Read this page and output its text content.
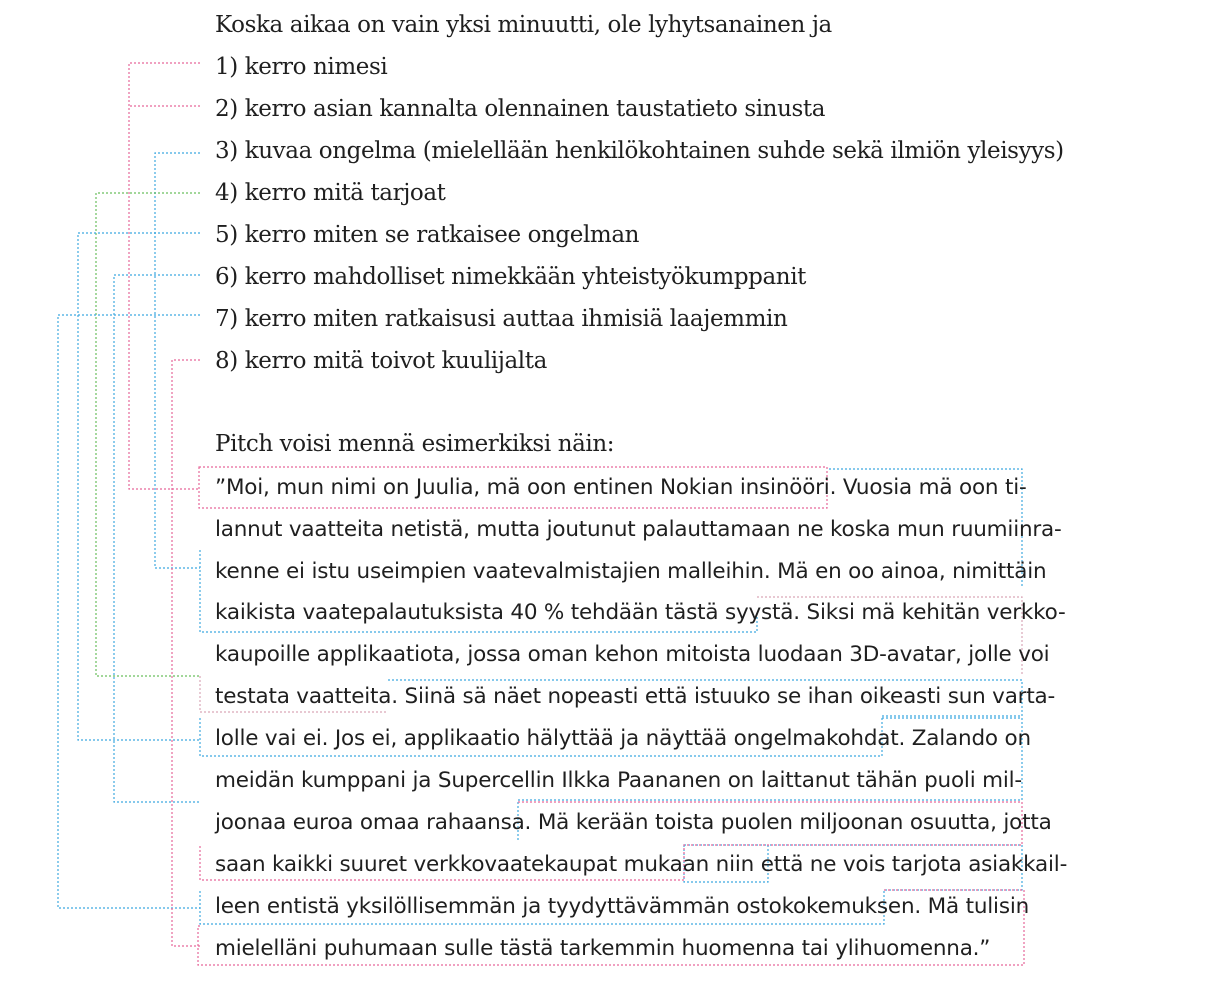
Koska aikaa on vain yksi minuutti, ole lyhytsanainen ja
1) kerro nimesi
2) kerro asian kannalta olennainen taustatieto sinusta
3) kuvaa ongelma (mielellään henkilökohtainen suhde sekä ilmiön yleisyys)
4) kerro mitä tarjoat
5) kerro miten se ratkaisee ongelman
6) kerro mahdolliset nimekkään yhteistyökumppanit
7) kerro miten ratkaisusi auttaa ihmisiä laajemmin
8) kerro mitä toivot kuulijalta
Pitch voisi mennä esimerkiksi näin:
”Moi, mun nimi on Juulia, mä oon entinen Nokian insinööri. Vuosia mä oon ti-
lannut vaatteita netistä, mutta joutunut palauttamaan ne koska mun ruumiinra-
kenne ei istu useimpien vaatevalmistajien malleihin. Mä en oo ainoa, nimittäin
kaikista vaatepalautuksista 40 % tehdään tästä syystä. Siksi mä kehitän verkko-
kaupoille applikaatiota, jossa oman kehon mitoista luodaan 3D-avatar, jolle voi
testata vaatteita. Siinä sä näet nopeasti että istuuko se ihan oikeasti sun varta-
lolle vai ei. Jos ei, applikaatio hälyttää ja näyttää ongelmakohdat. Zalando on
meidän kumppani ja Supercellin Ilkka Paananen on laittanut tähän puoli mil-
joonaa euroa omaa rahaansa. Mä kerään toista puolen miljoonan osuutta, jotta
saan kaikki suuret verkkovaatekaupat mukaan niin että ne vois tarjota asiakkail-
leen entistä yksilöllisemmän ja tyydyttävämmän ostokokemuksen. Mä tulisin
mielelläni puhumaan sulle tästä tarkemmin huomenna tai ylihuomenna.”
